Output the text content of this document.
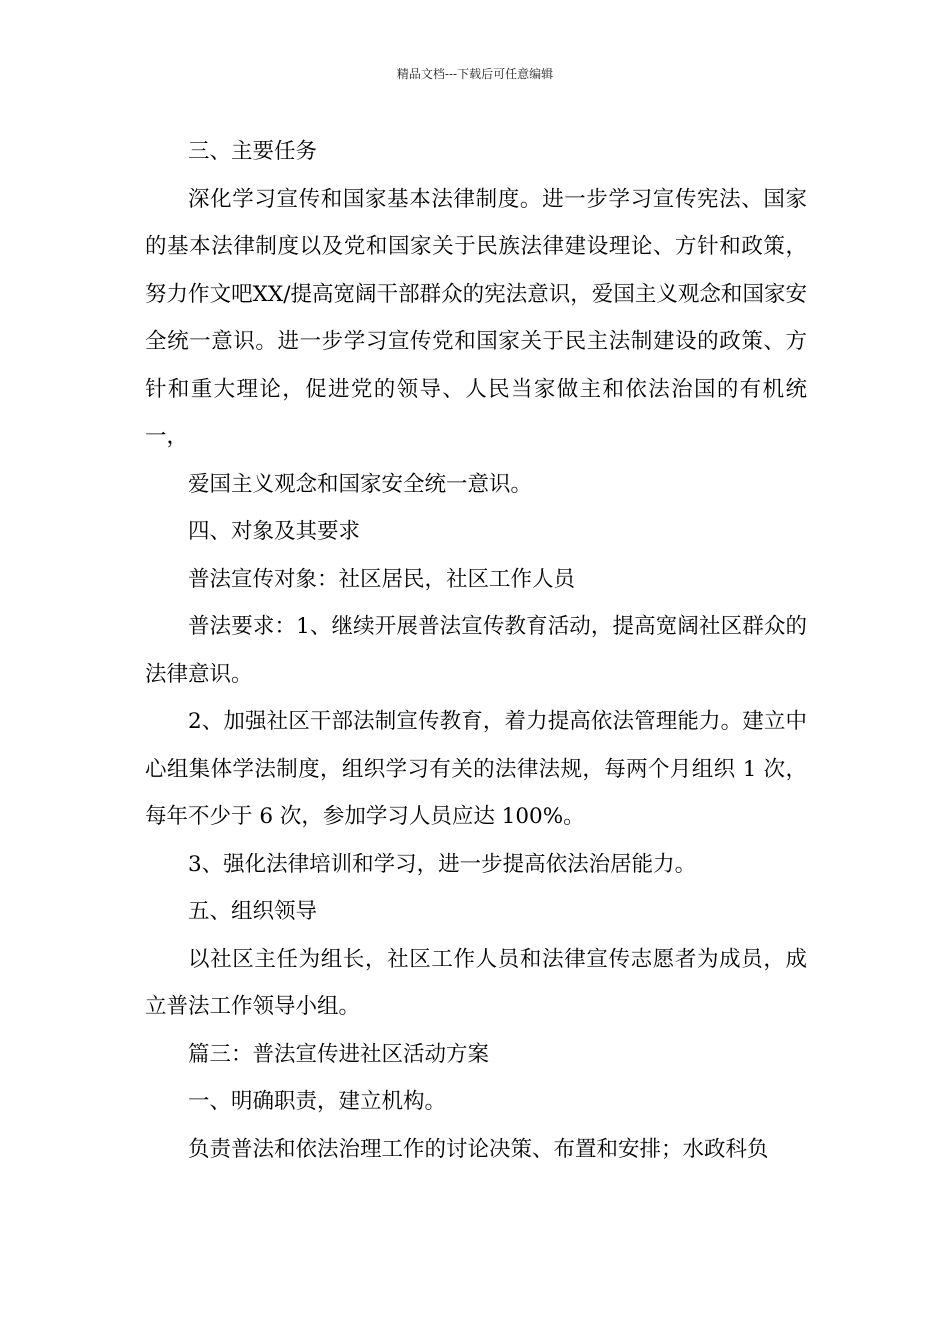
精品文档---下载后可任意编辑

三、主要任务

深化学习宣传和国家基本法律制度。进一步学习宣传宪法、国家的基本法律制度以及党和国家关于民族法律建设理论、方针和政策，努力作文吧XX/提高宽阔干部群众的宪法意识，爱国主义观念和国家安全统一意识。进一步学习宣传党和国家关于民主法制建设的政策、方针和重大理论，促进党的领导、人民当家做主和依法治国的有机统一，

爱国主义观念和国家安全统一意识。

四、对象及其要求

普法宣传对象：社区居民，社区工作人员

普法要求：1、继续开展普法宣传教育活动，提高宽阔社区群众的法律意识。

2、加强社区干部法制宣传教育，着力提高依法管理能力。建立中心组集体学法制度，组织学习有关的法律法规，每两个月组织 1 次，每年不少于 6 次，参加学习人员应达 100%。

3、强化法律培训和学习，进一步提高依法治居能力。

五、组织领导

以社区主任为组长，社区工作人员和法律宣传志愿者为成员，成立普法工作领导小组。

篇三：普法宣传进社区活动方案

一、明确职责，建立机构。

负责普法和依法治理工作的讨论决策、布置和安排；水政科负
